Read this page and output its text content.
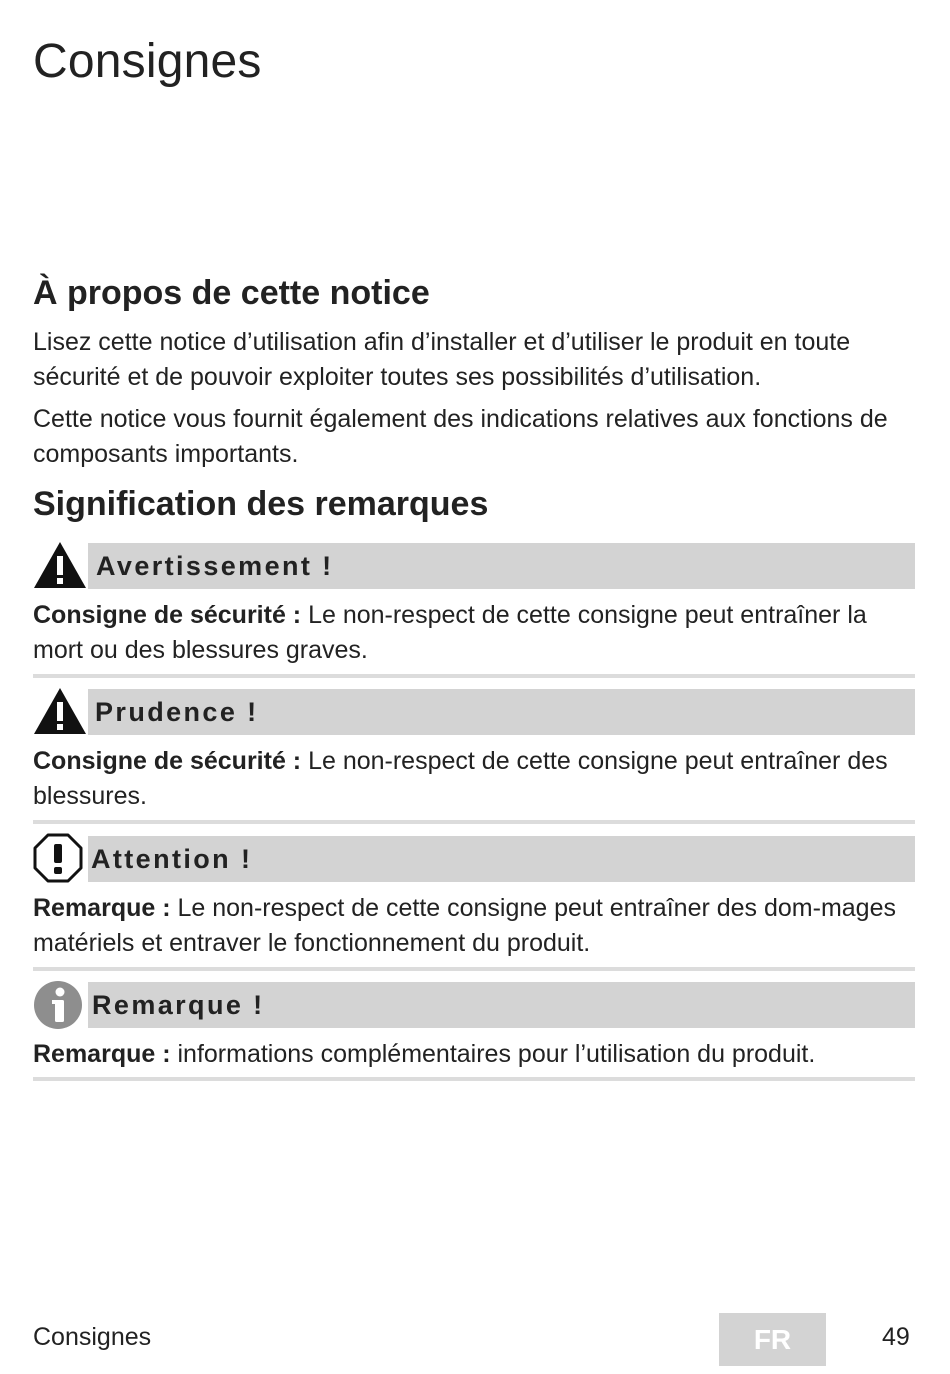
Consignes
À propos de cette notice
Lisez cette notice d’utilisation afin d’installer et d’utiliser le produit en toute sécurité et de pouvoir exploiter toutes ses possibilités d’utilisation.
Cette notice vous fournit également des indications relatives aux fonctions de composants importants.
Signification des remarques
Avertissement !
Consigne de sécurité : Le non-respect de cette consigne peut entraîner la mort ou des blessures graves.
Prudence !
Consigne de sécurité : Le non-respect de cette consigne peut entraîner des blessures.
Attention !
Remarque : Le non-respect de cette consigne peut entraîner des dom-mages matériels et entraver le fonctionnement du produit.
Remarque !
Remarque : informations complémentaires pour l’utilisation du produit.
Consignes	FR	49
